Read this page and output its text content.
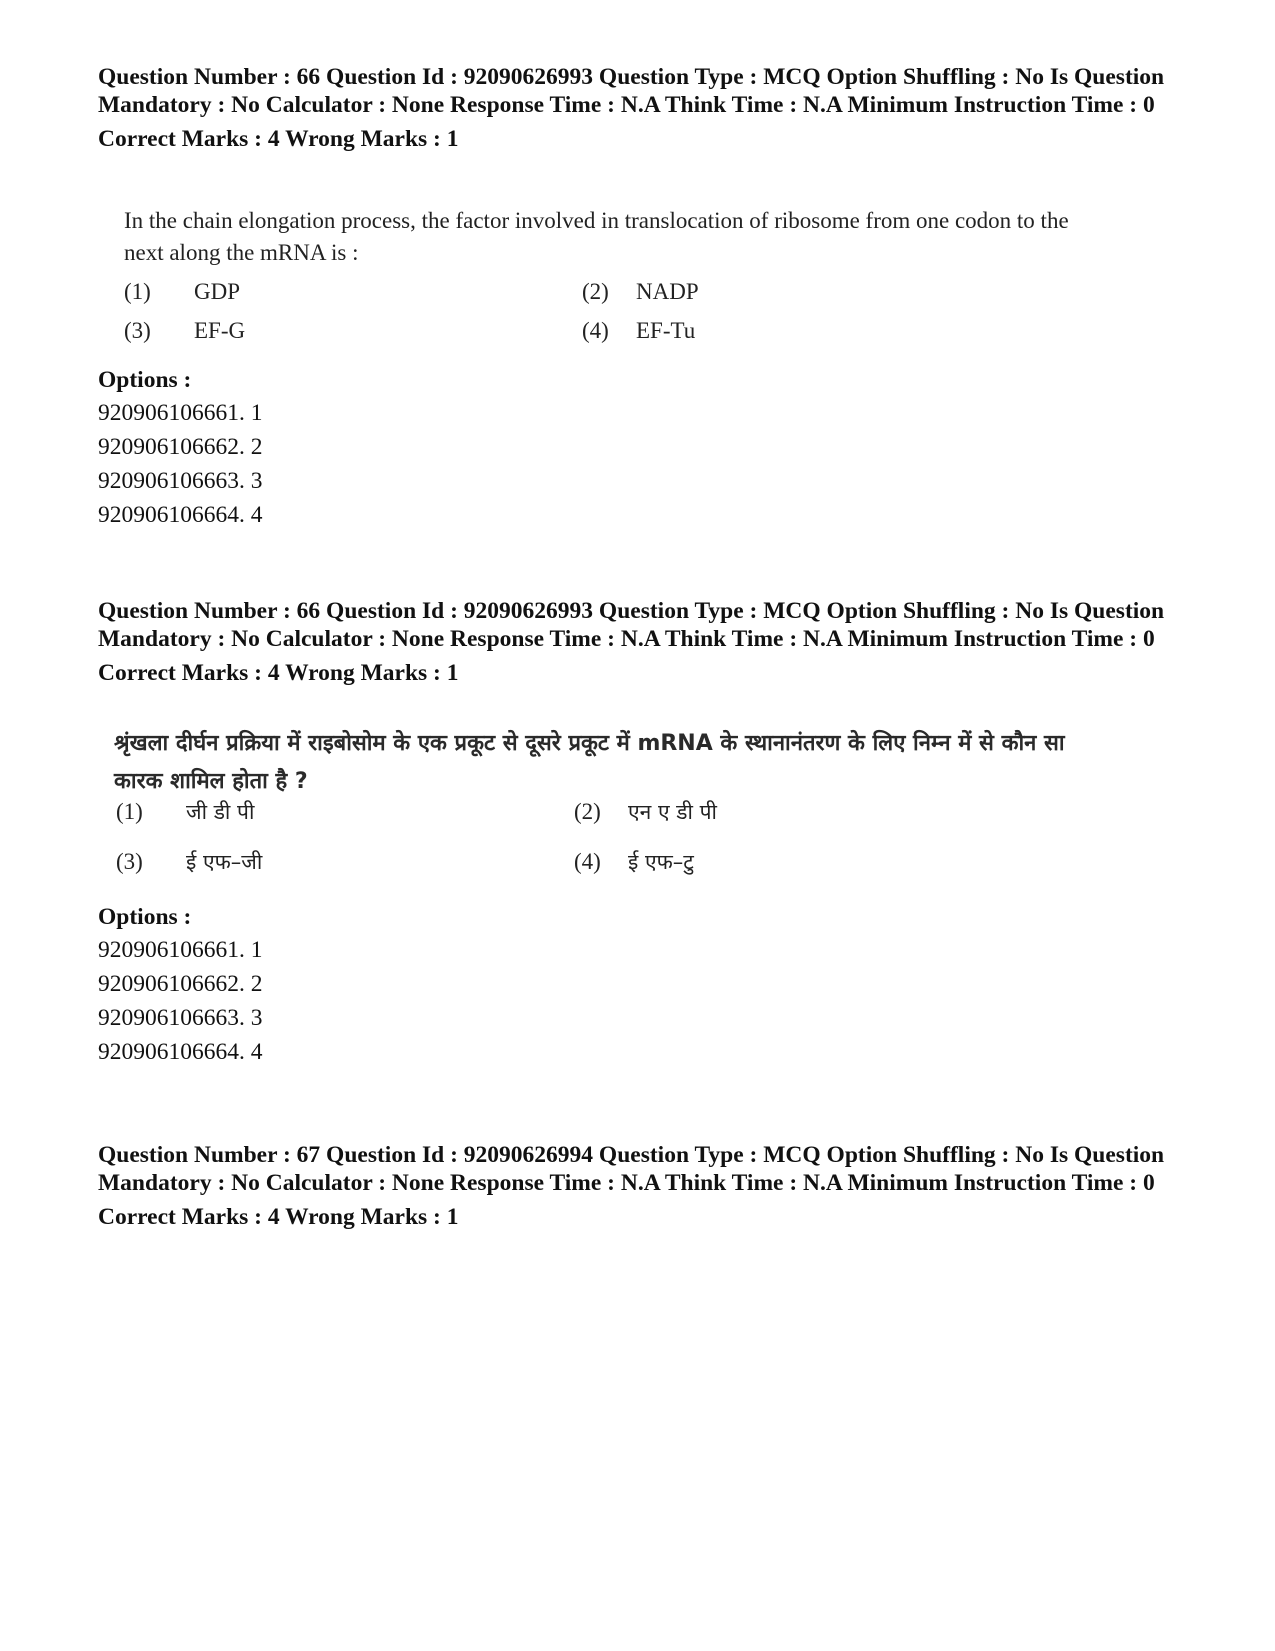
Question Number : 66 Question Id : 92090626993 Question Type : MCQ Option Shuffling : No Is Question Mandatory : No Calculator : None Response Time : N.A Think Time : N.A Minimum Instruction Time : 0

Correct Marks : 4 Wrong Marks : 1

In the chain elongation process, the factor involved in translocation of ribosome from one codon to the next along the mRNA is :
(1) GDP	(2) NADP
(3) EF-G	(4) EF-Tu
Options :
920906106661. 1
920906106662. 2
920906106663. 3
920906106664. 4

Question Number : 66 Question Id : 92090626993 Question Type : MCQ Option Shuffling : No Is Question Mandatory : No Calculator : None Response Time : N.A Think Time : N.A Minimum Instruction Time : 0

Correct Marks : 4 Wrong Marks : 1

श्रृंखला दीर्घन प्रक्रिया में राइबोसोम के एक प्रकूट से दूसरे प्रकूट में mRNA के स्थानानंतरण के लिए निम्न में से कौन सा कारक शामिल होता है ?
(1) जी डी पी	(2) एन ए डी पी
(3) ई एफ–जी	(4) ई एफ–टु
Options :
920906106661. 1
920906106662. 2
920906106663. 3
920906106664. 4

Question Number : 67 Question Id : 92090626994 Question Type : MCQ Option Shuffling : No Is Question Mandatory : No Calculator : None Response Time : N.A Think Time : N.A Minimum Instruction Time : 0

Correct Marks : 4 Wrong Marks : 1
